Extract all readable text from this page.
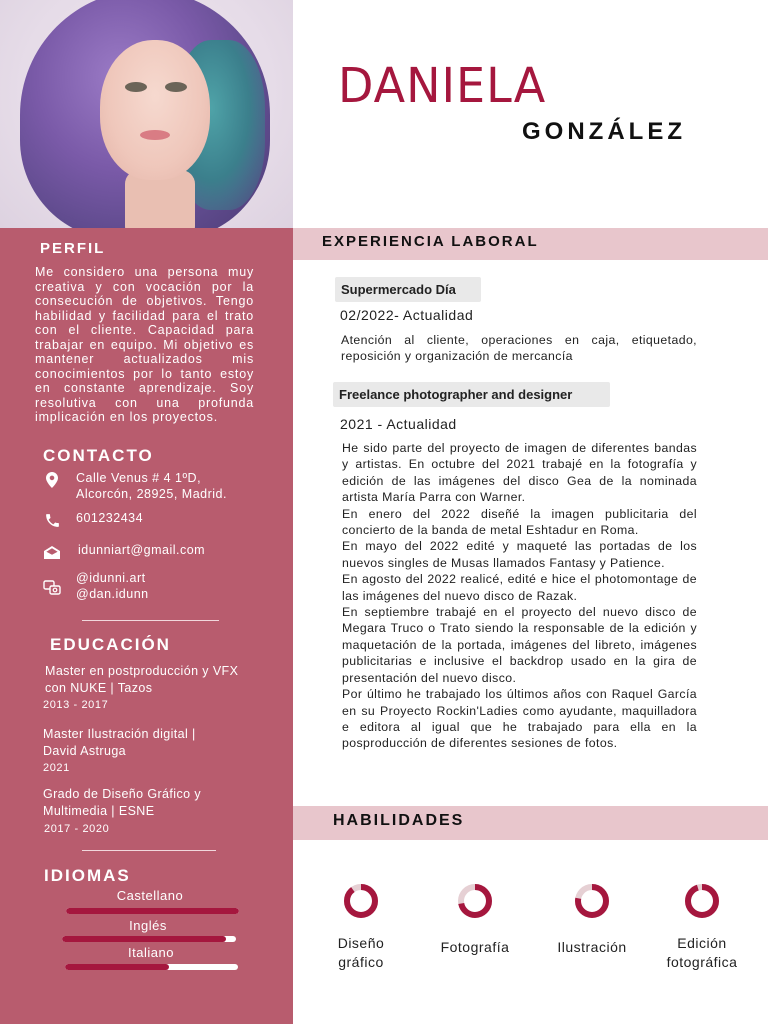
PERFIL
Me considero una persona muy creativa y con vocación por la consecución de objetivos. Tengo habilidad y facilidad para el trato con el cliente. Capacidad para trabajar en equipo. Mi objetivo es mantener actualizados mis conocimientos por lo tanto estoy en constante aprendizaje. Soy resolutiva con una profunda implicación en los proyectos.
CONTACTO
Calle Venus # 4 1ºD,
Alcorcón, 28925, Madrid.
601232434
idunniart@gmail.com
@idunni.art
@dan.idunn
EDUCACIÓN
Master en postproducción y VFX
con NUKE | Tazos
2013 - 2017
Master Ilustración digital |
David Astruga
2021
Grado de Diseño Gráfico y
Multimedia | ESNE
2017 - 2020
IDIOMAS
Castellano
Inglés
Italiano
DANIELA
GONZÁLEZ
EXPERIENCIA LABORAL
Supermercado Día
02/2022- Actualidad
Atención al cliente, operaciones en caja, etiquetado, reposición y organización de mercancía
Freelance photographer and designer
2021 - Actualidad
He sido parte del proyecto de imagen de diferentes bandas y artistas. En octubre del 2021 trabajé en la fotografía y edición de las imágenes del disco Gea de la nominada artista María Parra con Warner.
En enero del 2022 diseñé la imagen publicitaria del concierto de la banda de metal Eshtadur en Roma.
En mayo del 2022 edité y maqueté las portadas de los nuevos singles de Musas llamados Fantasy y Patience.
En agosto del 2022 realicé, edité e hice el photomontage de las imágenes del nuevo disco de Razak.
En septiembre trabajé en el proyecto del nuevo disco de Megara Truco o Trato siendo la responsable de la edición y maquetación de la portada, imágenes del libreto, imágenes publicitarias e inclusive el backdrop usado en la gira de presentación del nuevo disco.
Por último he trabajado los últimos años con Raquel García en su Proyecto Rockin'Ladies como ayudante, maquilladora e editora al igual que he trabajado para ella en la posproducción de diferentes sesiones de fotos.
HABILIDADES
Diseño
gráfico
Fotografía	Ilustración	Edición
fotográfica
